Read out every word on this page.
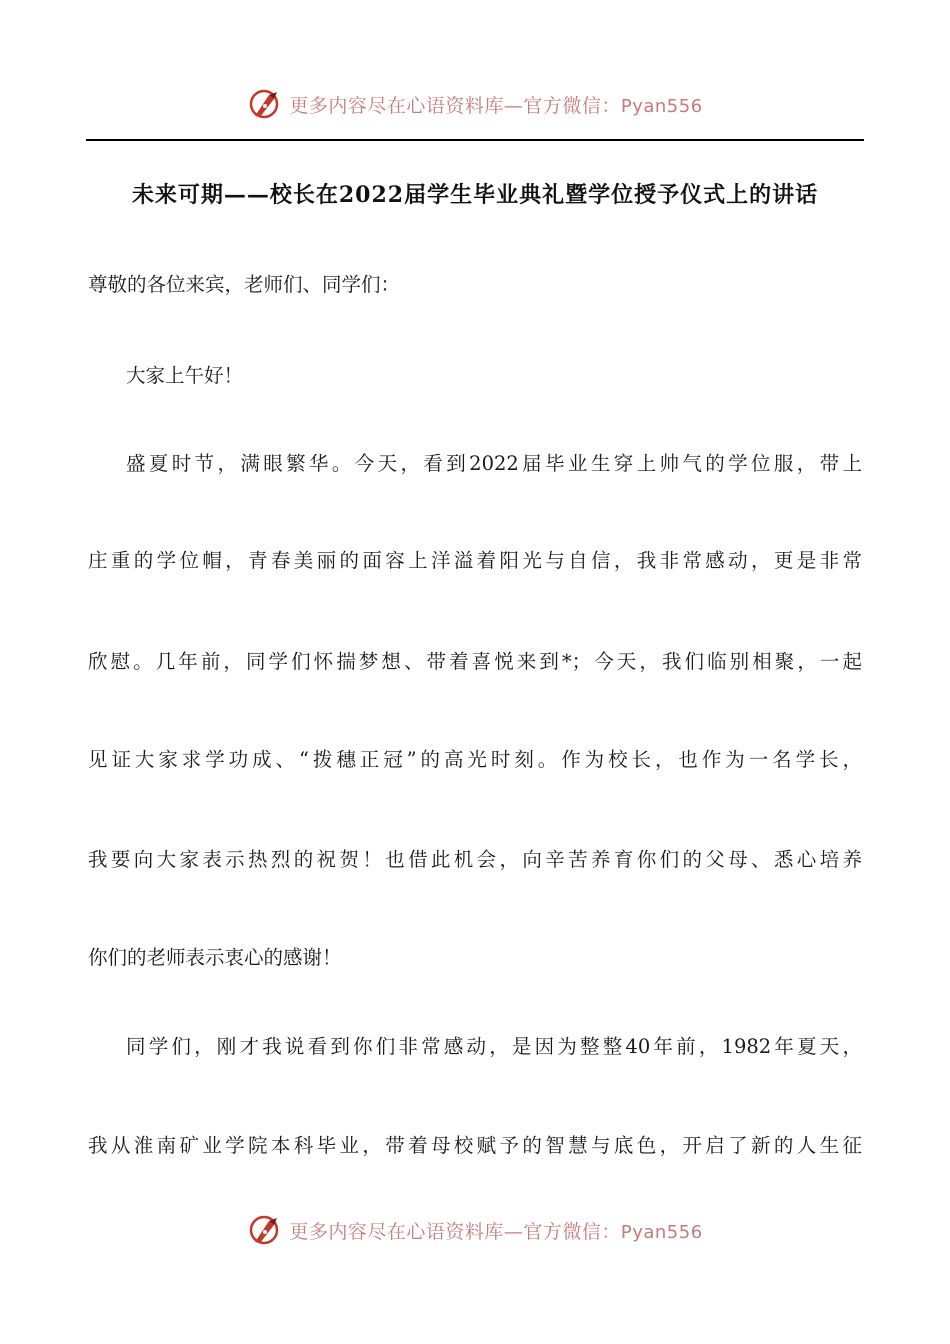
更多内容尽在心语资料库—官方微信：Pyan556
未来可期——校长在2022届学生毕业典礼暨学位授予仪式上的讲话
尊敬的各位来宾，老师们、同学们：
大家上午好！
盛夏时节，满眼繁华。今天，看到2022届毕业生穿上帅气的学位服，带上
庄重的学位帽，青春美丽的面容上洋溢着阳光与自信，我非常感动，更是非常
欣慰。几年前，同学们怀揣梦想、带着喜悦来到*；今天，我们临别相聚，一起
见证大家求学功成、“拨穗正冠”的高光时刻。作为校长，也作为一名学长，
我要向大家表示热烈的祝贺！也借此机会，向辛苦养育你们的父母、悉心培养
你们的老师表示衷心的感谢！
同学们，刚才我说看到你们非常感动，是因为整整40年前，1982年夏天，
我从淮南矿业学院本科毕业，带着母校赋予的智慧与底色，开启了新的人生征
更多内容尽在心语资料库—官方微信：Pyan556
